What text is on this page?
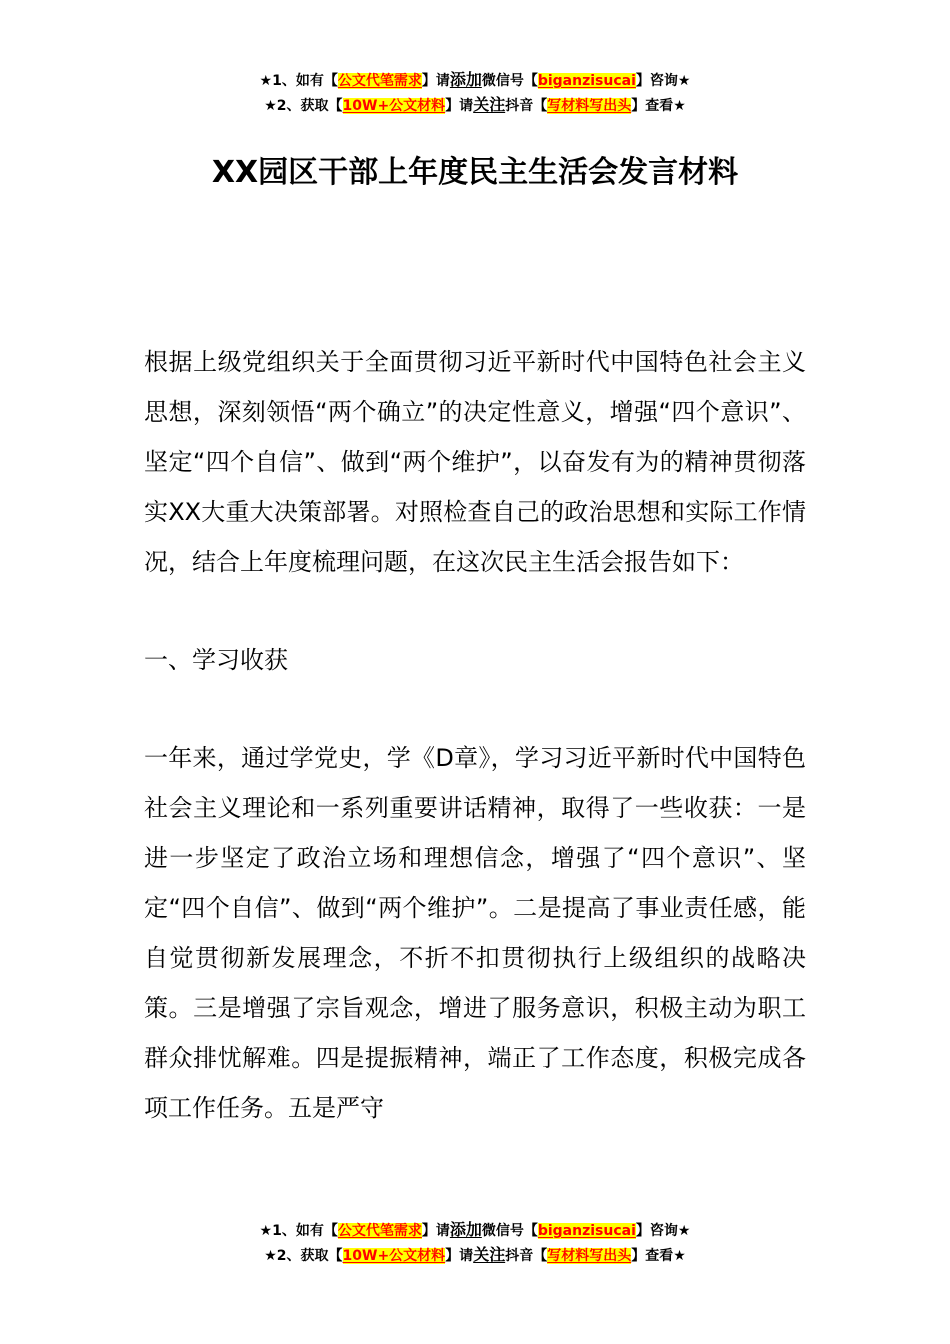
★1、如有【公文代笔需求】请添加微信号【biganzisucai】咨询★
★2、获取【10W+公文材料】请关注抖音【写材料写出头】查看★
XX园区干部上年度民主生活会发言材料

根据上级党组织关于全面贯彻习近平新时代中国特色社会主义思想，深刻领悟“两个确立”的决定性意义，增强“四个意识”、坚定“四个自信”、做到“两个维护”，以奋发有为的精神贯彻落实XX大重大决策部署。对照检查自己的政治思想和实际工作情况，结合上年度梳理问题，在这次民主生活会报告如下：

一、学习收获

一年来，通过学党史，学《D章》，学习习近平新时代中国特色社会主义理论和一系列重要讲话精神，取得了一些收获：一是进一步坚定了政治立场和理想信念，增强了“四个意识”、坚定“四个自信”、做到“两个维护”。二是提高了事业责任感，能自觉贯彻新发展理念，不折不扣贯彻执行上级组织的战略决策。三是增强了宗旨观念，增进了服务意识，积极主动为职工群众排忧解难。四是提振精神，端正了工作态度，积极完成各项工作任务。五是严守

★1、如有【公文代笔需求】请添加微信号【biganzisucai】咨询★
★2、获取【10W+公文材料】请关注抖音【写材料写出头】查看★
